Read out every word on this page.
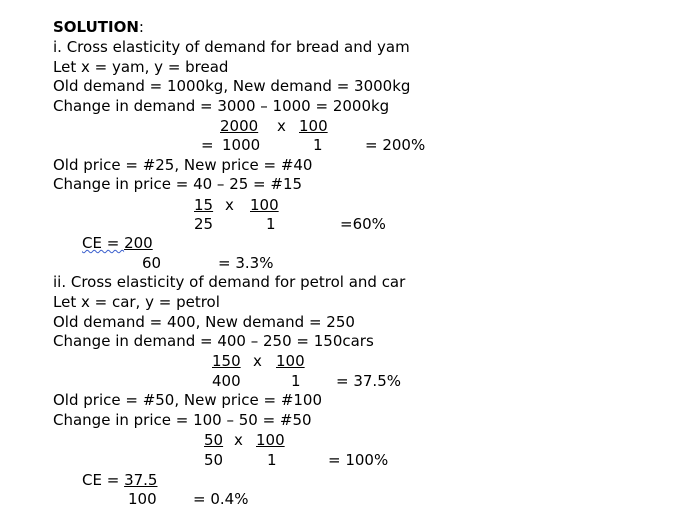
SOLUTION:
i. Cross elasticity of demand for bread and yam
Let x = yam, y = bread
Old demand = 1000kg, New demand = 3000kg
Change in demand = 3000 – 1000 = 2000kg
2000 x 100
= 1000	1	= 200%
Old price = #25, New price = #40
Change in price = 40 – 25 = #15
15 x 100
25	1	=60%
CE = 200
60	= 3.3%
ii. Cross elasticity of demand for petrol and car
Let x = car, y = petrol
Old demand = 400, New demand = 250
Change in demand = 400 – 250 = 150cars
150 x 100
400	1 = 37.5%
Old price = #50, New price = #100
Change in price = 100 – 50 = #50
50 x 100
50	1	= 100%
CE = 37.5
100 = 0.4%
